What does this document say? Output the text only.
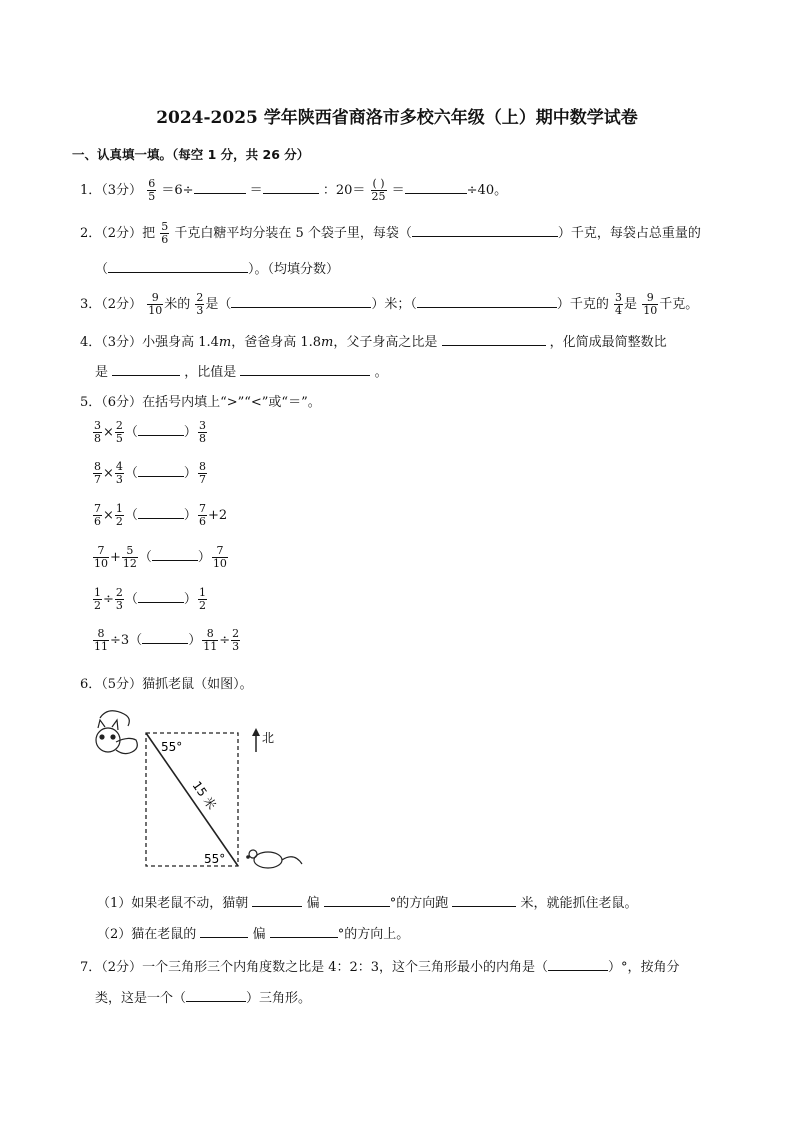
2024-2025 学年陕西省商洛市多校六年级（上）期中数学试卷
一、认真填一填。（每空 1 分，共 26 分）
1．（3分） $\frac{6}{5} =6\div$	＝	：$20= \frac{( )}{25}$ ＝	÷40。
2．（2分）把 $\frac{5}{6}$ 千克白糖平均分装在 5 个袋子里，每袋（	）千克，每袋占总重量的
（	）。（均填分数）
3．（2分） $\frac{9}{10}$ 米的 $\frac{2}{3}$ 是（	）米；（	）千克的 $\frac{3}{4}$ 是 $\frac{9}{10}$ 千克。
4．（3分）小强身高 1.4m，爸爸身高 1.8m，父子身高之比是	，化简成最简整数比
是	，比值是	。
5．（6分）在括号内填上“>”“<”或“＝”。
$\frac{3}{8} \times \frac{2}{5}$ （	） $\frac{3}{8}$
$\frac{8}{7} \times \frac{4}{3}$ （	） $\frac{8}{7}$
$\frac{7}{6} \times \frac{1}{2}$ （	） $\frac{7}{6} +2$
$\frac{7}{10} + \frac{5}{12}$ （	） $\frac{7}{10}$
$\frac{1}{2} \div \frac{2}{3}$ （	） $\frac{1}{2}$
$\frac{8}{11} \div 3$（	） $\frac{8}{11} \div \frac{2}{3}$
6．（5分）猫抓老鼠（如图）。
55°
55°
15 米
北
（1）如果老鼠不动，猫朝	偏	°的方向跑	米，就能抓住老鼠。
（2）猫在老鼠的	偏	°的方向上。
7．（2分）一个三角形三个内角度数之比是 4：2：3，这个三角形最小的内角是（	）°，按角分
类，这是一个（	）三角形。
